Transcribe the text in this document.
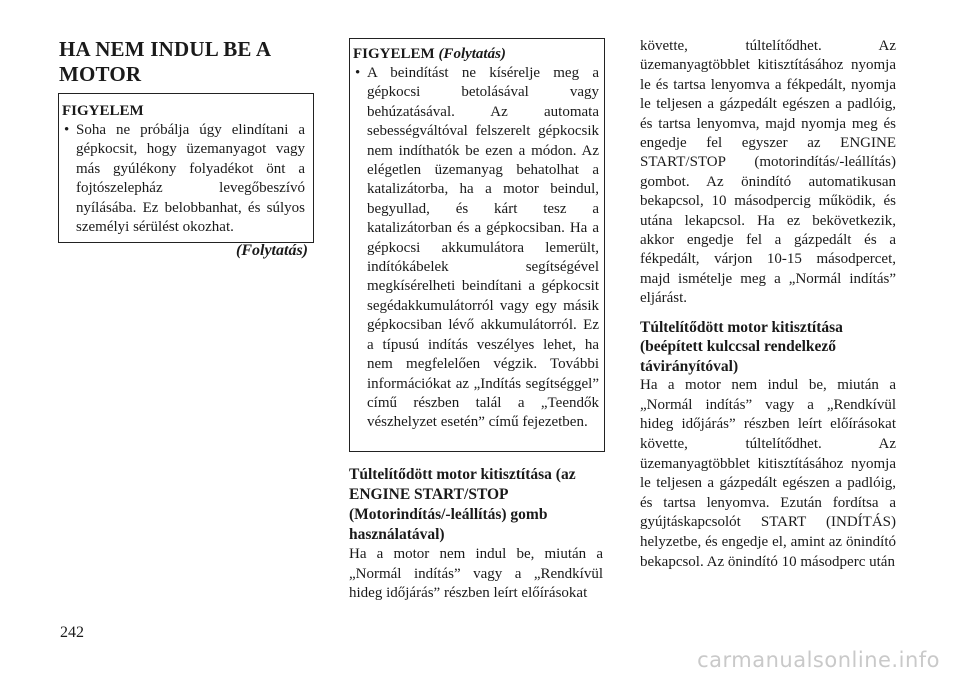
HA NEM INDUL BE A MOTOR
FIGYELEM
• Soha ne próbálja úgy elindítani a gépkocsit, hogy üzemanyagot vagy más gyúlékony folyadékot önt a fojtószelepház levegőbeszívó nyílásába. Ez belobbanhat, és súlyos személyi sérülést okozhat.
(Folytatás)
FIGYELEM (Folytatás)
• A beindítást ne kísérelje meg a gépkocsi betolásával vagy behúzatásával. Az automata sebességváltóval felszerelt gépkocsik nem indíthatók be ezen a módon. Az elégetlen üzemanyag behatolhat a katalizátorba, ha a motor beindul, begyullad, és kárt tesz a katalizátorban és a gépkocsiban. Ha a gépkocsi akkumulátora lemerült, indítókábelek segítségével megkísérelheti beindítani a gépkocsit segédakkumulátorról vagy egy másik gépkocsiban lévő akkumulátorról. Ez a típusú indítás veszélyes lehet, ha nem megfelelően végzik. További információkat az „Indítás segítséggel” című részben talál a „Teendők vészhelyzet esetén” című fejezetben.
Túltelítődött motor kitisztítása (az ENGINE START/STOP (Motorindítás/-leállítás) gomb használatával)
Ha a motor nem indul be, miután a „Normál indítás” vagy a „Rendkívül hideg időjárás” részben leírt előírásokat
követte, túltelítődhet. Az üzemanyagtöbblet kitisztításához nyomja le és tartsa lenyomva a fékpedált, nyomja le teljesen a gázpedált egészen a padlóig, és tartsa lenyomva, majd nyomja meg és engedje fel egyszer az ENGINE START/STOP (motorindítás/-leállítás) gombot. Az önindító automatikusan bekapcsol, 10 másodpercig működik, és utána lekapcsol. Ha ez bekövetkezik, akkor engedje fel a gázpedált és a fékpedált, várjon 10-15 másodpercet, majd ismételje meg a „Normál indítás” eljárást.
Túltelítődött motor kitisztítása (beépített kulccsal rendelkező távirányítóval)
Ha a motor nem indul be, miután a „Normál indítás” vagy a „Rendkívül hideg időjárás” részben leírt előírásokat követte, túltelítődhet. Az üzemanyagtöbblet kitisztításához nyomja le teljesen a gázpedált egészen a padlóig, és tartsa lenyomva. Ezután fordítsa a gyújtáskapcsolót START (INDÍTÁS) helyzetbe, és engedje el, amint az önindító bekapcsol. Az önindító 10 másodperc után
242
carmanualsonline.info
